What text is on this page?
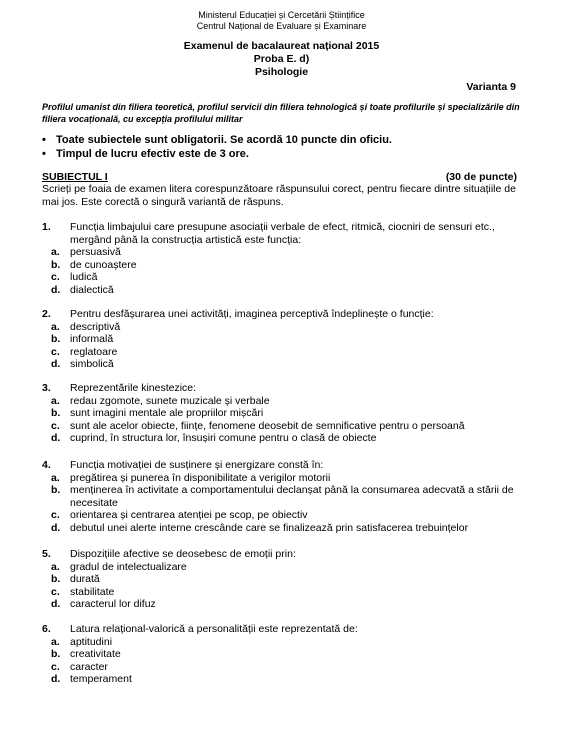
Ministerul Educației și Cercetării Științifice
Centrul Național de Evaluare și Examinare
Examenul de bacalaureat național 2015
Proba E. d)
Psihologie
Varianta 9
Profilul umanist din filiera teoretică, profilul servicii din filiera tehnologică și toate profilurile și specializările din filiera vocațională, cu excepția profilului militar
• Toate subiectele sunt obligatorii. Se acordă 10 puncte din oficiu.
• Timpul de lucru efectiv este de 3 ore.
SUBIECTUL I	(30 de puncte)
Scrieți pe foaia de examen litera corespunzătoare răspunsului corect, pentru fiecare dintre situațiile de mai jos. Este corectă o singură variantă de răspuns.
1. Funcția limbajului care presupune asociații verbale de efect, ritmică, ciocniri de sensuri etc., mergând până la construcția artistică este funcția:
a. persuasivă
b. de cunoaștere
c. ludică
d. dialectică
2. Pentru desfășurarea unei activități, imaginea perceptivă îndeplinește o funcție:
a. descriptivă
b. informală
c. reglatoare
d. simbolică
3. Reprezentările kinestezice:
a. redau zgomote, sunete muzicale și verbale
b. sunt imagini mentale ale propriilor mișcări
c. sunt ale acelor obiecte, ființe, fenomene deosebit de semnificative pentru o persoană
d. cuprind, în structura lor, însușiri comune pentru o clasă de obiecte
4. Funcția motivației de susținere și energizare constă în:
a. pregătirea și punerea în disponibilitate a verigilor motorii
b. menținerea în activitate a comportamentului declanșat până la consumarea adecvată a stării de necesitate
c. orientarea și centrarea atenției pe scop, pe obiectiv
d. debutul unei alerte interne crescânde care se finalizează prin satisfacerea trebuințelor
5. Dispozițiile afective se deosebesc de emoții prin:
a. gradul de intelectualizare
b. durată
c. stabilitate
d. caracterul lor difuz
6. Latura relațional-valorică a personalității este reprezentată de:
a. aptitudini
b. creativitate
c. caracter
d. temperament
